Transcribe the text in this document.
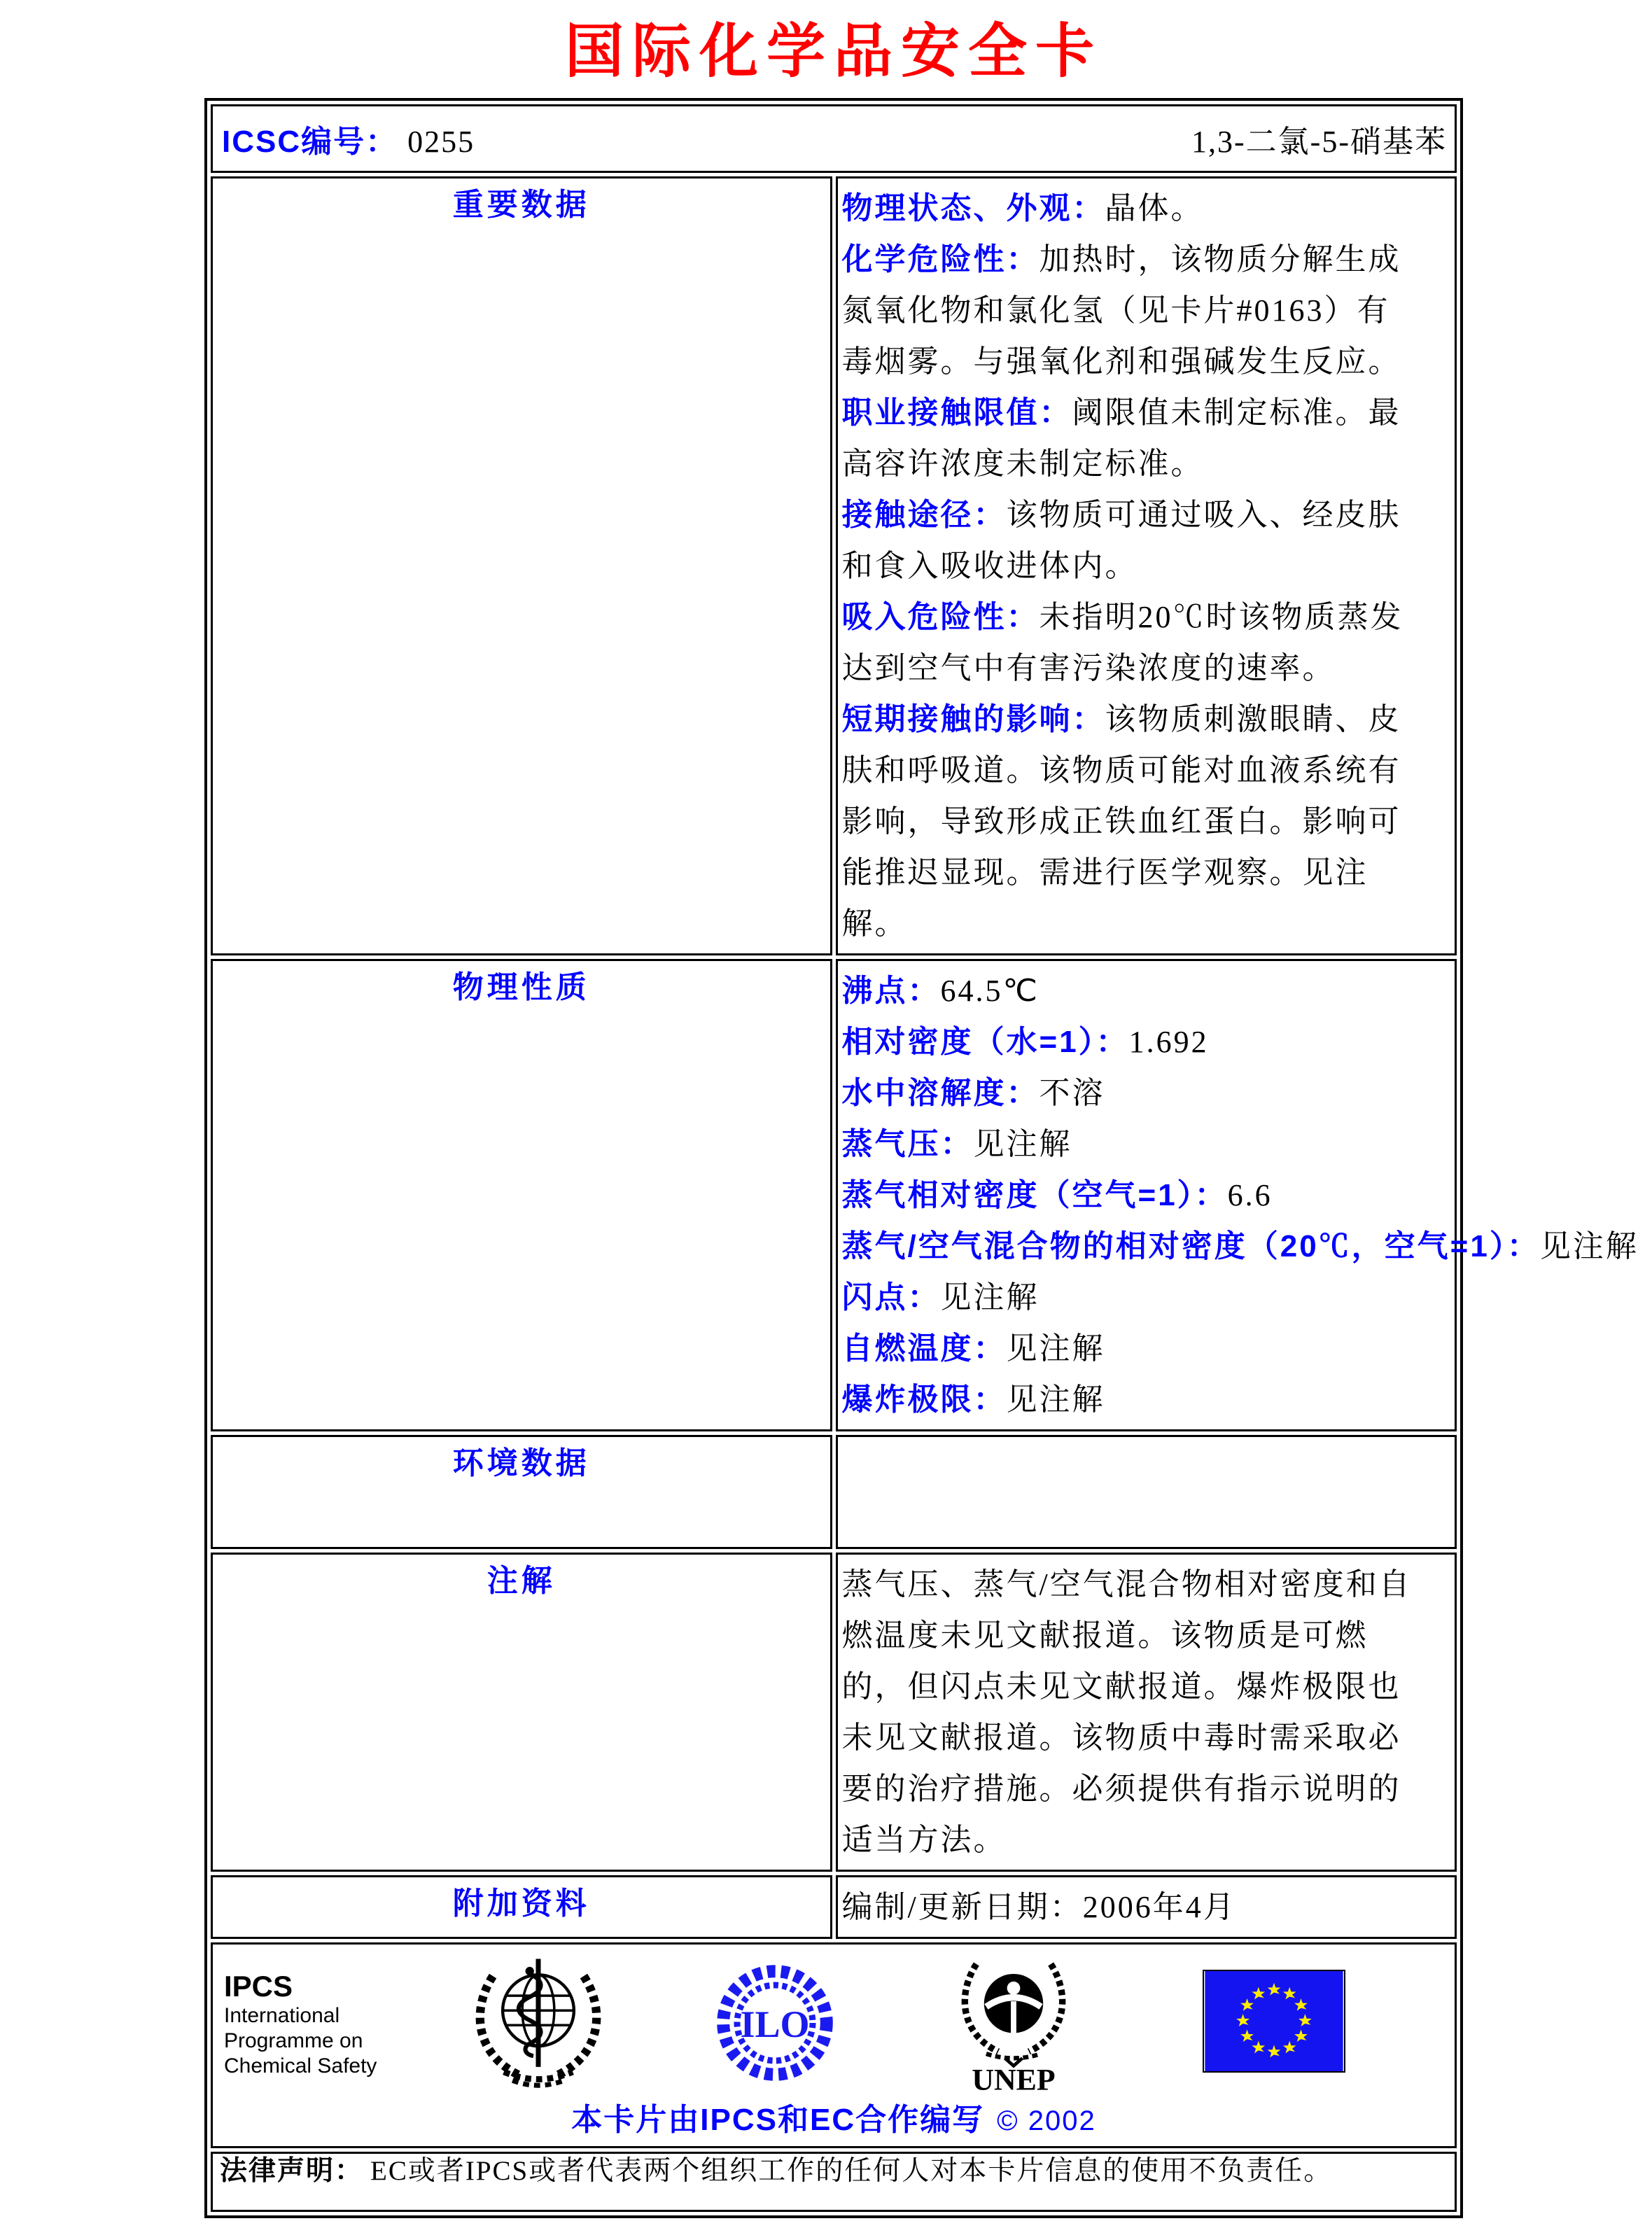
国际化学品安全卡
ICSC编号： 0255 1,3-二氯-5-硝基苯	

重要数据	物理状态、外观：晶体。
化学危险性：加热时，该物质分解生成氮氧化物和氯化氢（见卡片#0163）有毒烟雾。与强氧化剂和强碱发生反应。
职业接触限值：阈限值未制定标准。最高容许浓度未制定标准。
接触途径：该物质可通过吸入、经皮肤和食入吸收进体内。
吸入危险性：未指明20℃时该物质蒸发达到空气中有害污染浓度的速率。
短期接触的影响：该物质刺激眼睛、皮肤和呼吸道。该物质可能对血液系统有影响，导致形成正铁血红蛋白。影响可能推迟显现。需进行医学观察。见注解。

物理性质	沸点：64.5℃
相对密度（水=1）：1.692
水中溶解度：不溶
蒸气压：见注解
蒸气相对密度（空气=1）：6.6
蒸气/空气混合物的相对密度（20℃，空气=1）：见注解
闪点：见注解
自燃温度：见注解
爆炸极限：见注解

环境数据	
注解	蒸气压、蒸气/空气混合物相对密度和自燃温度未见文献报道。该物质是可燃的，但闪点未见文献报道。爆炸极限也未见文献报道。该物质中毒时需采取必要的治疗措施。必须提供有指示说明的适当方法。
附加资料	编制/更新日期：2006年4月

IPCS
International
Programme on
Chemical Safety
ILO
UNEP
本卡片由IPCS和EC合作编写 © 2002

法律声明： EC或者IPCS或者代表两个组织工作的任何人对本卡片信息的使用不负责任。	
